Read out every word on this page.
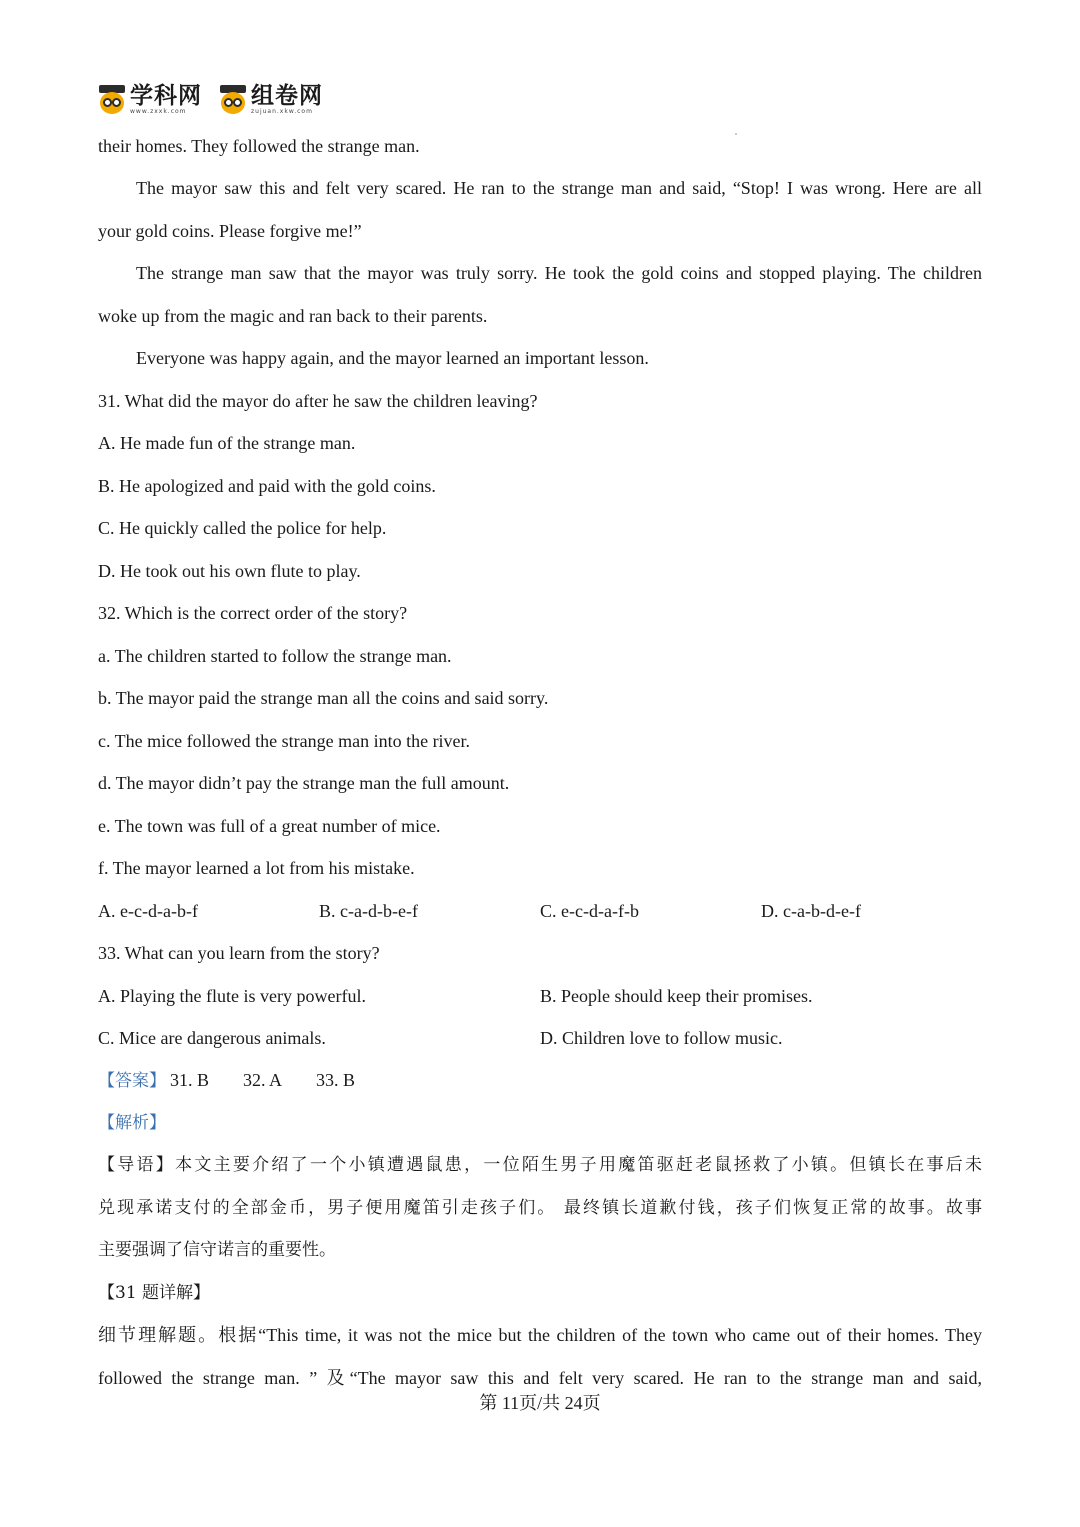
学科网
www.zxxk.com
组卷网
zujuan.xkw.com
their homes. They followed the strange man.
The mayor saw this and felt very scared. He ran to the strange man and said, “Stop! I was wrong. Here are all
your gold coins. Please forgive me!”
The strange man saw that the mayor was truly sorry. He took the gold coins and stopped playing. The children
woke up from the magic and ran back to their parents.
Everyone was happy again, and the mayor learned an important lesson.
31. What did the mayor do after he saw the children leaving?
A. He made fun of the strange man.
B. He apologized and paid with the gold coins.
C. He quickly called the police for help.
D. He took out his own flute to play.
32. Which is the correct order of the story?
a. The children started to follow the strange man.
b. The mayor paid the strange man all the coins and said sorry.
c. The mice followed the strange man into the river.
d. The mayor didn’t pay the strange man the full amount.
e. The town was full of a great number of mice.
f. The mayor learned a lot from his mistake.
A. e-c-d-a-b-f	B. c-a-d-b-e-f	C. e-c-d-a-f-b	D. c-a-b-d-e-f
33. What can you learn from the story?
A. Playing the flute is very powerful.	B. People should keep their promises.
C. Mice are dangerous animals.	D. Children love to follow music.
【答案】 31. B 32. A 33. B
【解析】
【导语】本文主要介绍了一个小镇遭遇鼠患，一位陌生男子用魔笛驱赶老鼠拯救了小镇。但镇长在事后未
兑现承诺支付的全部金币，男子便用魔笛引走孩子们。 最终镇长道歉付钱，孩子们恢复正常的故事。故事
主要强调了信守诺言的重要性。
【31 题详解】
细节理解题。根据“This time, it was not the mice but the children of the town who came out of their homes. They
followed the strange man. ” 及“The mayor saw this and felt very scared. He ran to the strange man and said,
第 11页/共 24页
